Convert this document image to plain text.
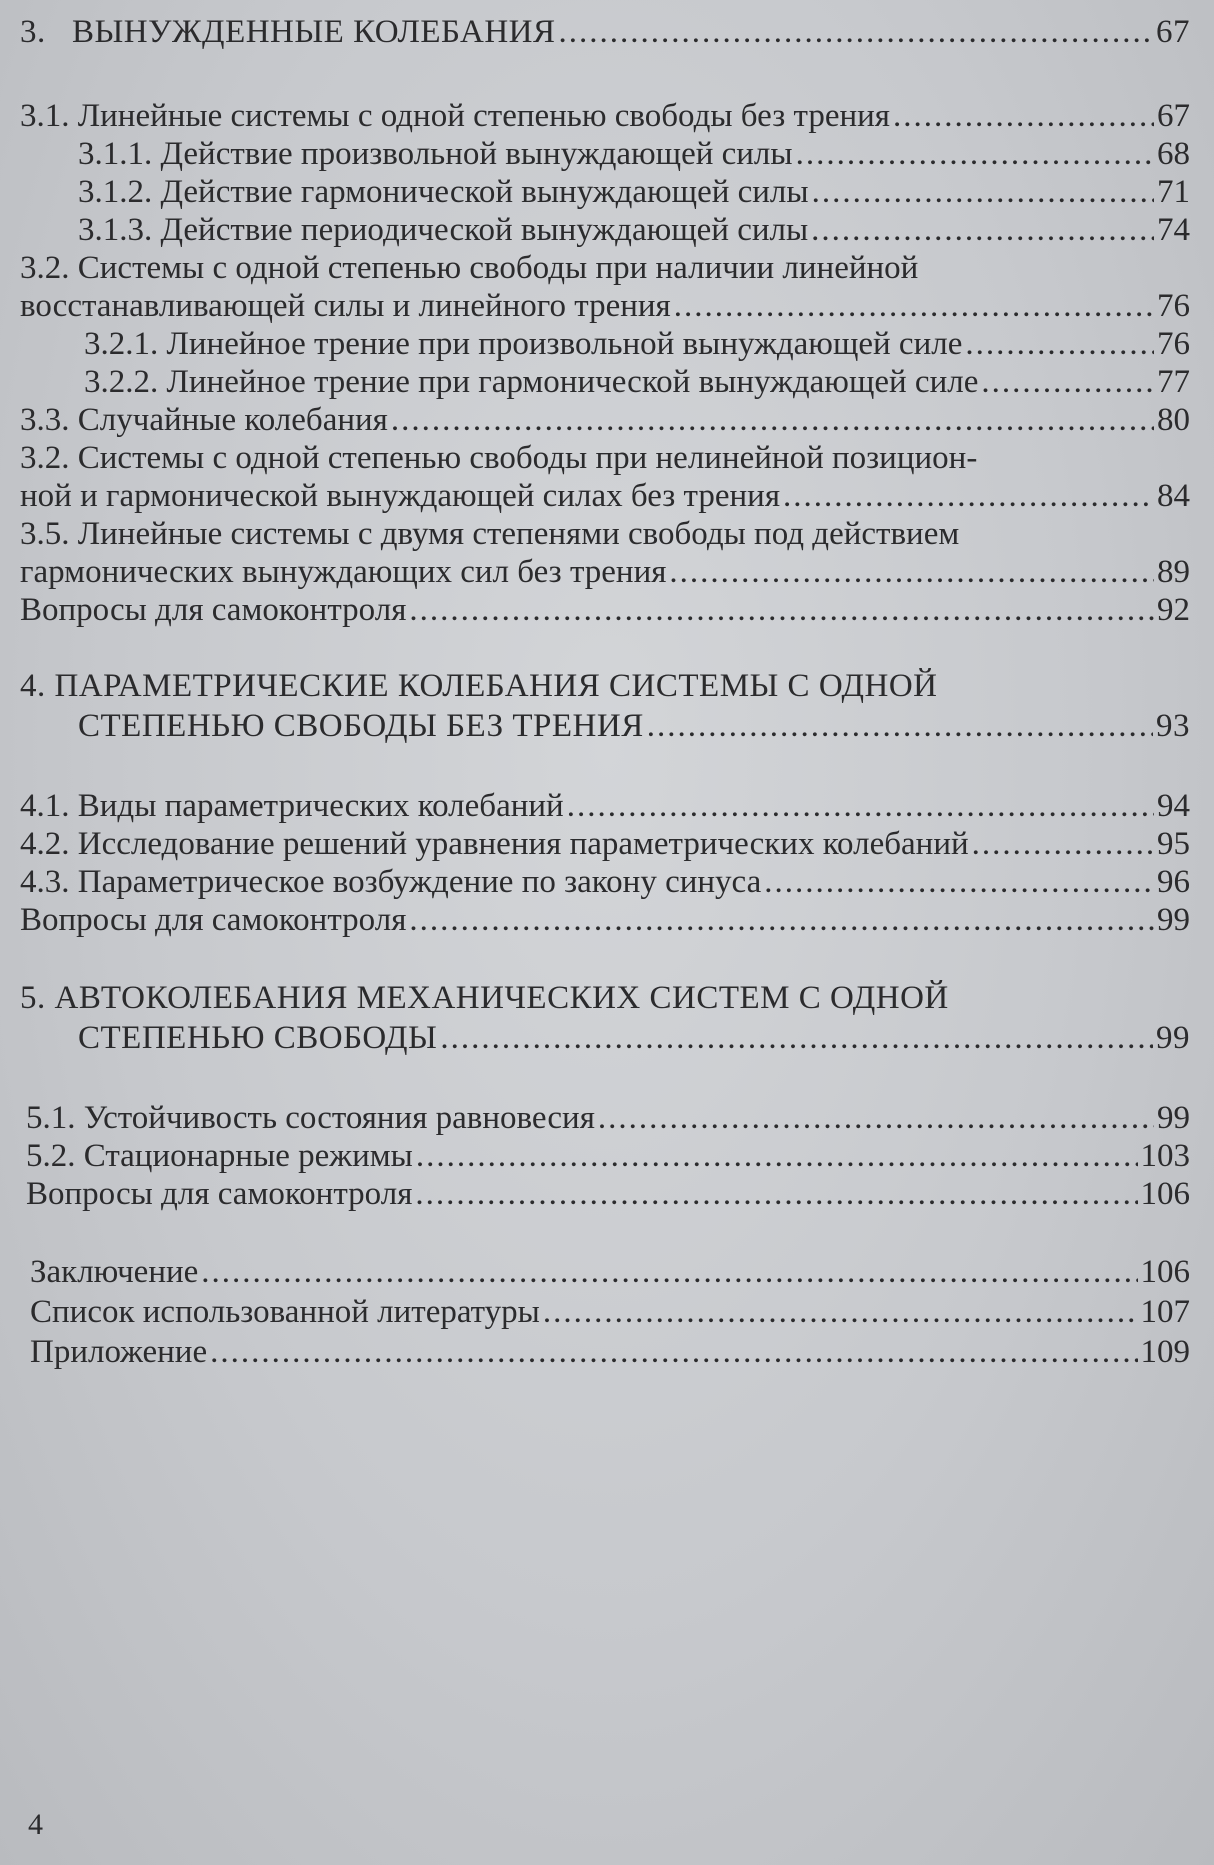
3. ВЫНУЖДЕННЫЕ КОЛЕБАНИЯ .....	67
3.1. Линейные системы с одной степенью свободы без трения .....	67
3.1.1. Действие произвольной вынуждающей силы .....	68
3.1.2. Действие гармонической вынуждающей силы .....	71
3.1.3. Действие периодической вынуждающей силы .....	74
3.2. Системы с одной степенью свободы при наличии линейной
восстанавливающей силы и линейного трения .....	76
3.2.1. Линейное трение при произвольной вынуждающей силе .....	76
3.2.2. Линейное трение при гармонической вынуждающей силе .....	77
3.3. Случайные колебания .....	80
3.2. Системы с одной степенью свободы при нелинейной позицион-
ной и гармонической вынуждающей силах без трения .....	84
3.5. Линейные системы с двумя степенями свободы под действием
гармонических вынуждающих сил без трения .....	89
Вопросы для самоконтроля .....	92
4. ПАРАМЕТРИЧЕСКИЕ КОЛЕБАНИЯ СИСТЕМЫ С ОДНОЙ
СТЕПЕНЬЮ СВОБОДЫ БЕЗ ТРЕНИЯ .....	93
4.1. Виды параметрических колебаний .....	94
4.2. Исследование решений уравнения параметрических колебаний .....	95
4.3. Параметрическое возбуждение по закону синуса .....	96
Вопросы для самоконтроля .....	99
5. АВТОКОЛЕБАНИЯ МЕХАНИЧЕСКИХ СИСТЕМ С ОДНОЙ
СТЕПЕНЬЮ СВОБОДЫ .....	99
5.1. Устойчивость состояния равновесия .....	99
5.2. Стационарные режимы .....	103
Вопросы для самоконтроля .....	106
Заключение .....	106
Список использованной литературы .....	107
Приложение .....	109
4
